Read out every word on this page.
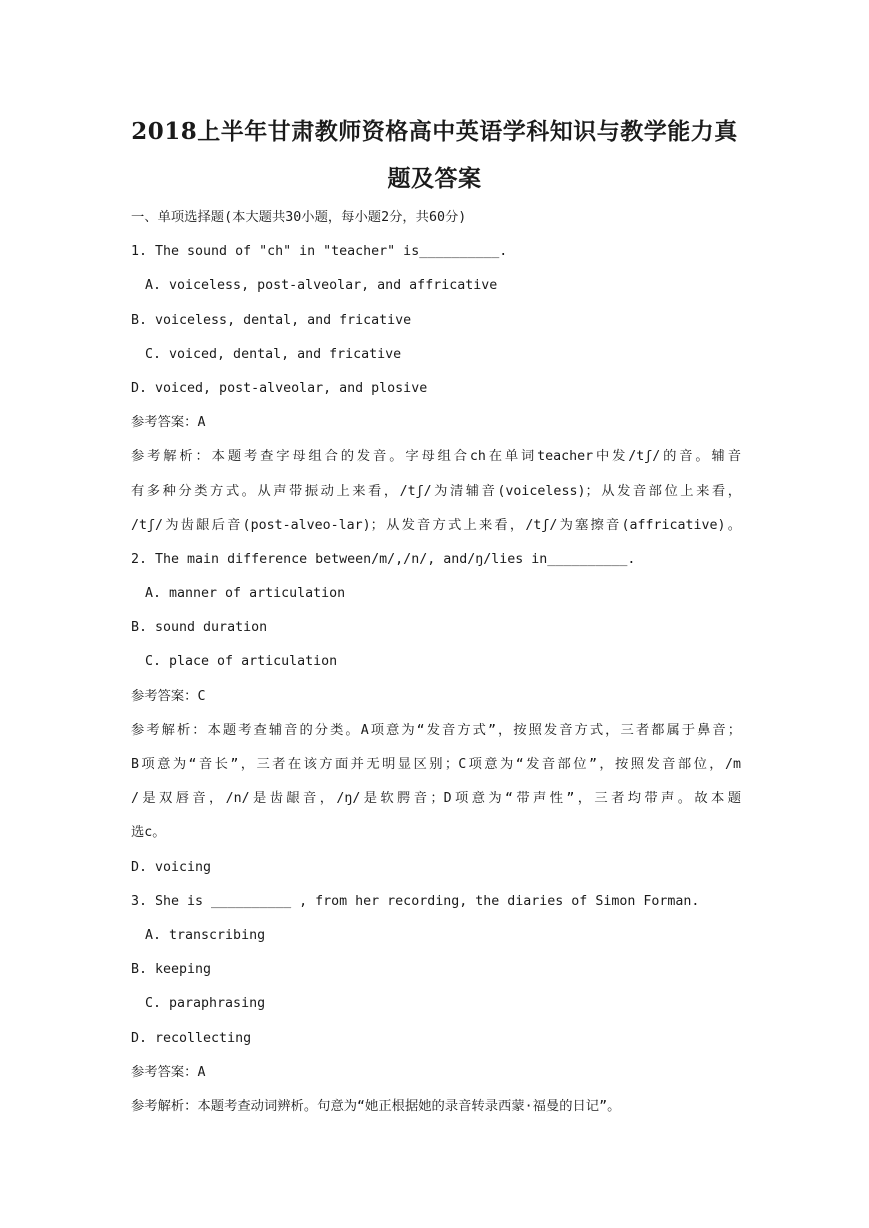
2018上半年甘肃教师资格高中英语学科知识与教学能力真
题及答案
一、单项选择题(本大题共30小题，每小题2分，共60分)
1. The sound of "ch" in "teacher" is__________.
A. voiceless, post-alveolar, and affricative
B. voiceless, dental, and fricative
C. voiced, dental, and fricative
D. voiced, post-alveolar, and plosive
参考答案：A
参考解析：本题考查字母组合的发音。字母组合ch在单词teacher中发/tʃ/的音。辅音
有多种分类方式。从声带振动上来看，/tʃ/为清辅音(voiceless)；从发音部位上来看，
/tʃ/为齿龈后音(post-alveo-lar)；从发音方式上来看，/tʃ/为塞擦音(affricative)。
2. The main difference between/m/,/n/, and/ŋ/lies in__________.
A. manner of articulation
B. sound duration
C. place of articulation
参考答案：C
参考解析：本题考查辅音的分类。A项意为“发音方式”，按照发音方式，三者都属于鼻音；
B项意为“音长”，三者在该方面并无明显区别；C项意为“发音部位”，按照发音部位，/m
/是双唇音，/n/是齿龈音，/ŋ/是软腭音；D项意为“带声性”，三者均带声。故本题
选c。
D. voicing
3. She is __________ , from her recording, the diaries of Simon Forman.
A. transcribing
B. keeping
C. paraphrasing
D. recollecting
参考答案：A
参考解析：本题考查动词辨析。句意为“她正根据她的录音转录西蒙·福曼的日记”。
